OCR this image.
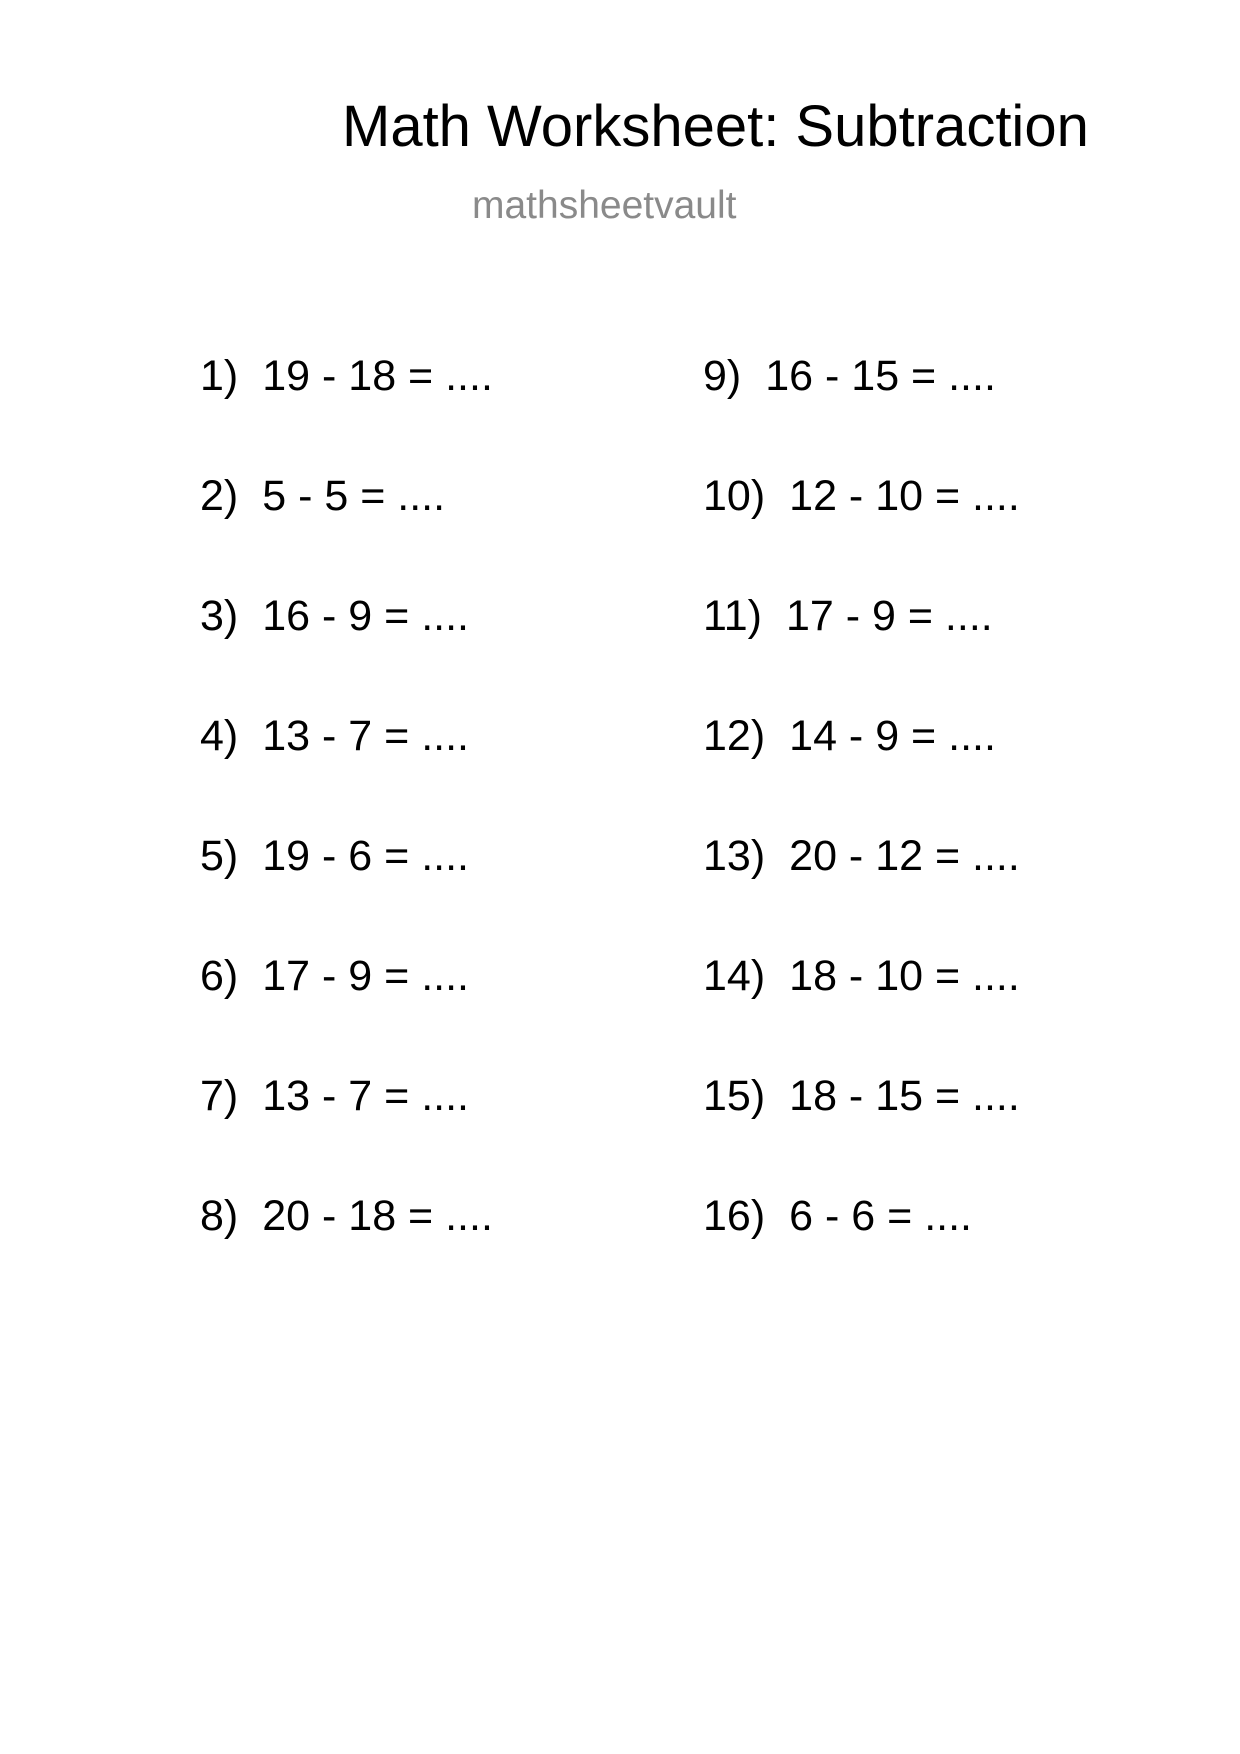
Math Worksheet: Subtraction
mathsheetvault
1) 19 - 18 = ....
2) 5 - 5 = ....
3) 16 - 9 = ....
4) 13 - 7 = ....
5) 19 - 6 = ....
6) 17 - 9 = ....
7) 13 - 7 = ....
8) 20 - 18 = ....
9) 16 - 15 = ....
10) 12 - 10 = ....
11) 17 - 9 = ....
12) 14 - 9 = ....
13) 20 - 12 = ....
14) 18 - 10 = ....
15) 18 - 15 = ....
16) 6 - 6 = ....
